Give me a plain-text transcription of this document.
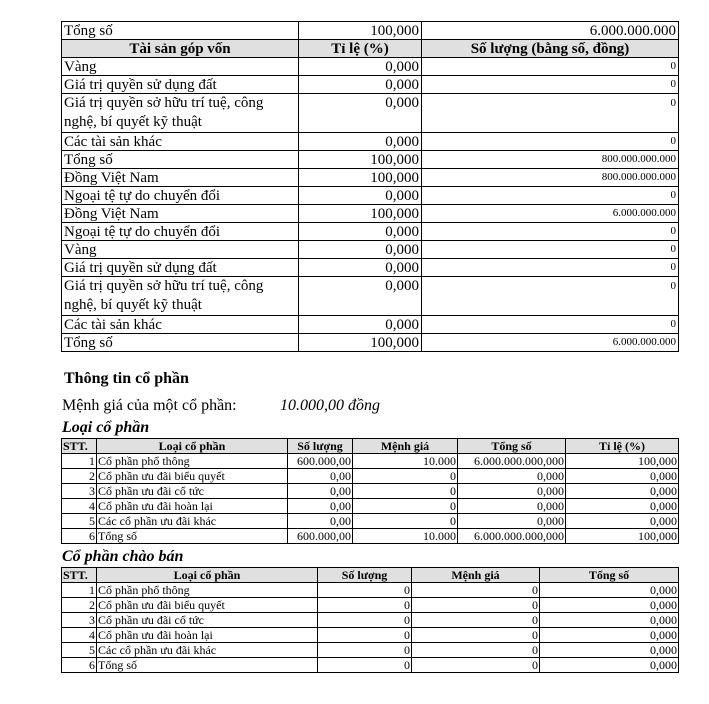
Tổng số	100,000	6.000.000.000
Tài sản góp vốn	Tỉ lệ (%)	Số lượng (bằng số, đồng)
Vàng	0,000	0
Giá trị quyền sử dụng đất	0,000	0
Giá trị quyền sở hữu trí tuệ, công nghệ, bí quyết kỹ thuật	0,000	0
Các tài sản khác	0,000	0
Tổng số	100,000	800.000.000.000
Đồng Việt Nam	100,000	800.000.000.000
Ngoại tệ tự do chuyển đổi	0,000	0
Đồng Việt Nam	100,000	6.000.000.000
Ngoại tệ tự do chuyển đổi	0,000	0
Vàng	0,000	0
Giá trị quyền sử dụng đất	0,000	0
Giá trị quyền sở hữu trí tuệ, công nghệ, bí quyết kỹ thuật	0,000	0
Các tài sản khác	0,000	0
Tổng số	100,000	6.000.000.000
Thông tin cổ phần
Mệnh giá của một cổ phần:	10.000,00 đồng
Loại cổ phần
STT.	Loại cổ phần	Số lượng	Mệnh giá	Tổng số	Tỉ lệ (%)
1	Cổ phần phổ thông	600.000,00	10.000	6.000.000.000,000	100,000
2	Cổ phần ưu đãi biểu quyết	0,00	0	0,000	0,000
3	Cổ phần ưu đãi cổ tức	0,00	0	0,000	0,000
4	Cổ phần ưu đãi hoàn lại	0,00	0	0,000	0,000
5	Các cổ phần ưu đãi khác	0,00	0	0,000	0,000
6	Tổng số	600.000,00	10.000	6.000.000.000,000	100,000
Cổ phần chào bán
STT.	Loại cổ phần	Số lượng	Mệnh giá	Tổng số
1	Cổ phần phổ thông	0	0	0,000
2	Cổ phần ưu đãi biểu quyết	0	0	0,000
3	Cổ phần ưu đãi cổ tức	0	0	0,000
4	Cổ phần ưu đãi hoàn lại	0	0	0,000
5	Các cổ phần ưu đãi khác	0	0	0,000
6	Tổng số	0	0	0,000
